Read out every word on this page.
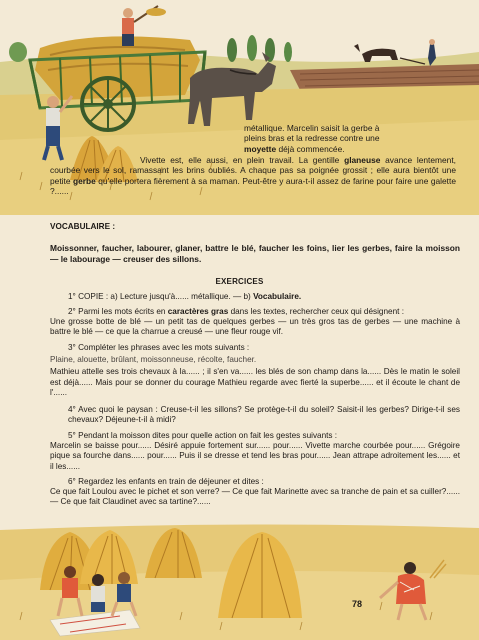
métallique. Marcelin saisit la gerbe à
pleins bras et la redresse contre une
moyette déjà commencée.

Vivette est, elle aussi, en plein travail. La gentille glaneuse avance lentement, courbée vers le sol, ramassant les brins oubliés. A chaque pas sa poignée grossit ; elle aura bientôt une petite gerbe qu'elle portera fièrement à sa maman. Peut-être y aura-t-il assez de farine pour faire une galette ?......

VOCABULAIRE :
Moissonner, faucher, labourer, glaner, battre le blé, faucher les foins, lier les gerbes, faire la moisson — le labourage — creuser des sillons.
EXERCICES
1° COPIE : a) Lecture jusqu'à...... métallique. — b) Vocabulaire.
2° Parmi les mots écrits en caractères gras dans les textes, rechercher ceux qui désignent :
Une grosse botte de blé — un petit tas de quelques gerbes — un très gros tas de gerbes — une machine à battre le blé — ce que la charrue a creusé — une fleur rouge vif.
3° Compléter les phrases avec les mots suivants :
Plaine, alouette, brûlant, moissonneuse, récolte, faucher.
Mathieu attelle ses trois chevaux à la...... ; il s'en va...... les blés de son champ dans la...... Dès le matin le soleil est déjà...... Mais pour se donner du courage Mathieu regarde avec fierté la superbe...... et il écoute le chant de l'......
4° Avec quoi le paysan : Creuse-t-il les sillons? Se protège-t-il du soleil? Saisit-il les gerbes? Dirige-t-il ses chevaux? Déjeune-t-il à midi?
5° Pendant la moisson dites pour quelle action on fait les gestes suivants :
Marcelin se baisse pour...... Désiré appuie fortement sur...... pour...... Vivette marche courbée pour...... Grégoire pique sa fourche dans...... pour...... Puis il se dresse et tend les bras pour...... Jean attrape adroitement les...... et il les......
6° Regardez les enfants en train de déjeuner et dites :
Ce que fait Loulou avec le pichet et son verre? — Ce que fait Marinette avec sa tranche de pain et sa cuiller?...... — Ce que fait Claudinet avec sa tartine?......
78
